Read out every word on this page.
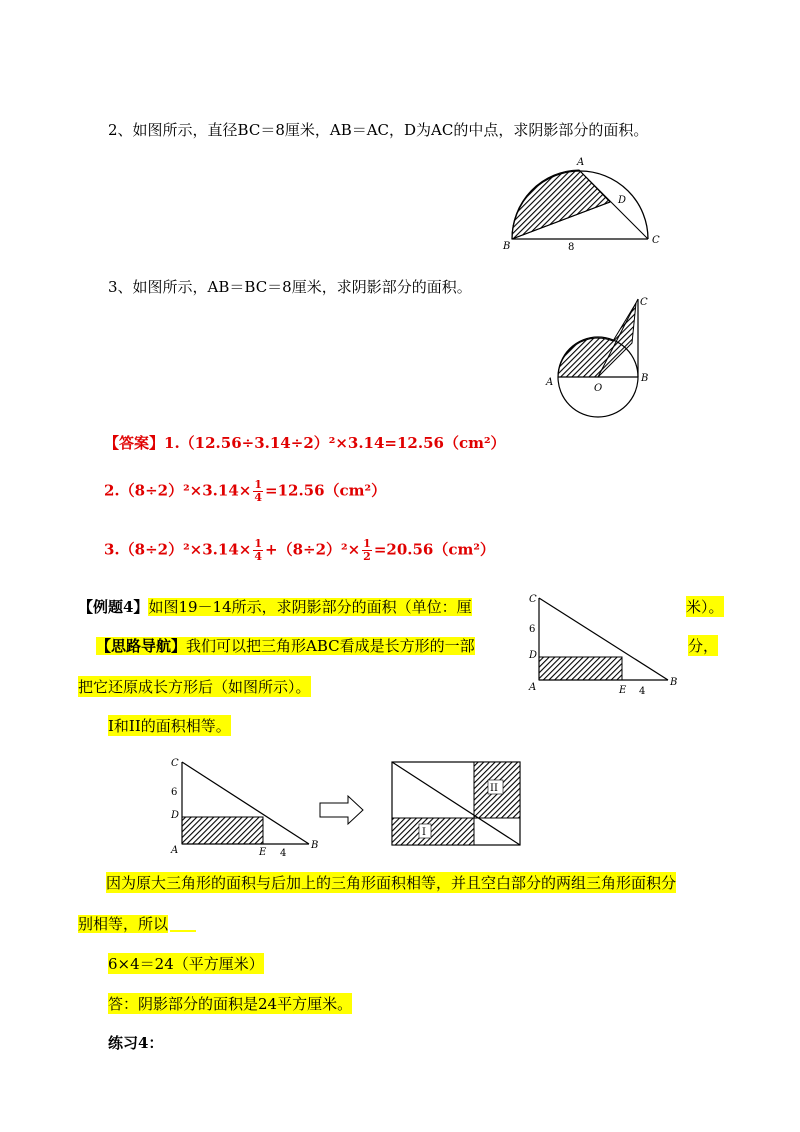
2、如图所示，直径BC＝8厘米，AB＝AC，D为AC的中点，求阴影部分的面积。
A
B
C
D
8
3、如图所示，AB＝BC＝8厘米，求阴影部分的面积。
C
A	B
O
【答案】1.（12.56÷3.14÷2）²×3.14=12.56（cm²）
$2.(8\div 2)^2\times 3.14\times \frac{1}{4} =12.56(cm^2)$
$3.(8\div 2)^2\times 3.14\times \frac{1}{4} +(8\div 2)^2\times \frac{1}{2} =20.56(cm^2)$
【例题4】如图19－14所示，求阴影部分的面积（单位：厘	米）。
【思路导航】我们可以把三角形ABC看成是长方形的一部	分，
把它还原成长方形后（如图所示）。
I和II的面积相等。
C
D
A	E
B
6
4
C
D
A	E
B
6
4
II
I
因为原大三角形的面积与后加上的三角形面积相等，并且空白部分的两组三角形面积分
别相等，所以
6×4＝24（平方厘米）
答：阴影部分的面积是24平方厘米。
练习4：
